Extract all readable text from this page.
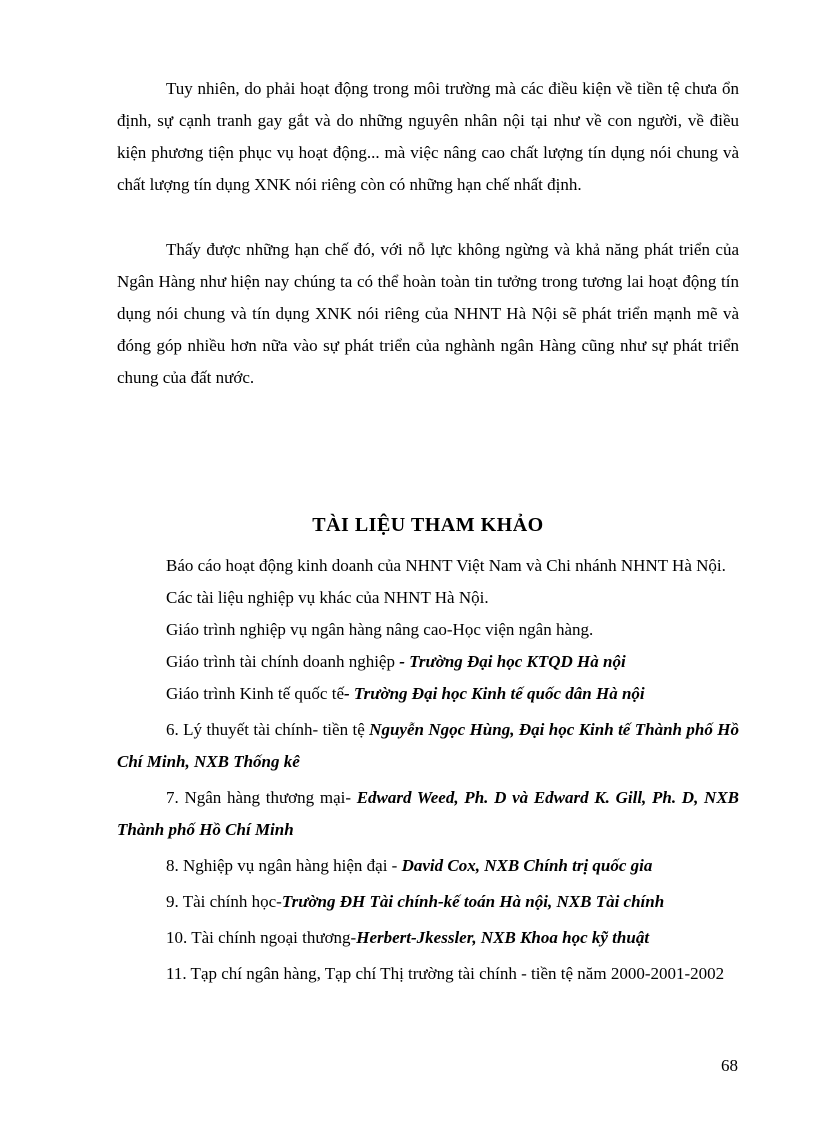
Tuy nhiên, do phải hoạt động trong môi trường mà các điều kiện về tiền tệ chưa ổn định, sự cạnh tranh gay gắt và do những nguyên nhân nội tại như về con người, về điều kiện phương tiện phục vụ hoạt động... mà việc nâng cao chất lượng tín dụng nói chung và chất lượng tín dụng XNK nói riêng còn có những hạn chế nhất định.

Thấy được những hạn chế đó, với nỗ lực không ngừng và khả năng phát triển của Ngân Hàng như hiện nay chúng ta có thể hoàn toàn tin tưởng trong tương lai hoạt động tín dụng nói chung và tín dụng XNK nói riêng của NHNT Hà Nội sẽ phát triển mạnh mẽ và đóng góp nhiều hơn nữa vào sự phát triển của nghành ngân Hàng cũng như sự phát triển chung của đất nước.

TÀI LIỆU THAM KHẢO

Báo cáo hoạt động kinh doanh của NHNT Việt Nam và Chi nhánh NHNT Hà Nội.

Các tài liệu nghiệp vụ khác của NHNT Hà Nội.

Giáo trình nghiệp vụ ngân hàng nâng cao-Học viện ngân hàng.

Giáo trình tài chính doanh nghiệp - Trường Đại học KTQD Hà nội

Giáo trình Kinh tế quốc tế- Trường Đại học Kinh tế quốc dân Hà nội

6. Lý thuyết tài chính- tiền tệ Nguyễn Ngọc Hùng, Đại học Kinh tế Thành phố Hồ Chí Minh, NXB Thống kê

7. Ngân hàng thương mại- Edward Weed, Ph. D và Edward K. Gill, Ph. D, NXB Thành phố Hồ Chí Minh

8. Nghiệp vụ ngân hàng hiện đại - David Cox, NXB Chính trị quốc gia

9. Tài chính học-Trường ĐH Tài chính-kế toán Hà nội, NXB Tài chính

10. Tài chính ngoại thương-Herbert-Jkessler, NXB Khoa học kỹ thuật

11. Tạp chí ngân hàng, Tạp chí Thị trường tài chính - tiền tệ năm 2000-2001-2002

68
